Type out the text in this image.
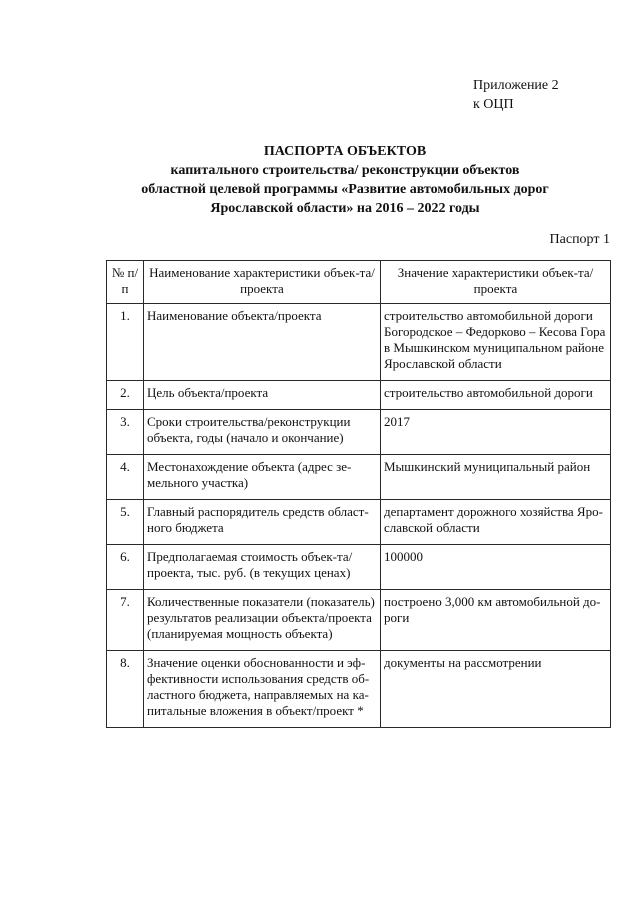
Приложение 2
к ОЦП
ПАСПОРТА ОБЪЕКТОВ
капитального строительства/ реконструкции объектов
областной целевой программы «Развитие автомобильных дорог
Ярославской области» на 2016 – 2022 годы
Паспорт 1
№ п/п	Наименование характеристики объек-та/проекта	Значение характеристики объек-та/проекта
1.	Наименование объекта/проекта	строительство автомобильной дороги Богородское – Федорково – Кесова Гора в Мышкинском муниципальном районе Ярославской области
2.	Цель объекта/проекта	строительство автомобильной дороги
3.	Сроки строительства/реконструкции объекта, годы (начало и окончание)	2017
4.	Местонахождение объекта (адрес зе-мельного участка)	Мышкинский муниципальный район
5.	Главный распорядитель средств област-ного бюджета	департамент дорожного хозяйства Яро-славской области
6.	Предполагаемая стоимость объек-та/проекта, тыс. руб. (в текущих ценах)	100000
7.	Количественные показатели (показатель) результатов реализации объекта/проекта (планируемая мощность объекта)	построено 3,000 км автомобильной до-роги
8.	Значение оценки обоснованности и эф-фективности использования средств об-ластного бюджета, направляемых на ка-питальные вложения в объект/проект *	документы на рассмотрении
